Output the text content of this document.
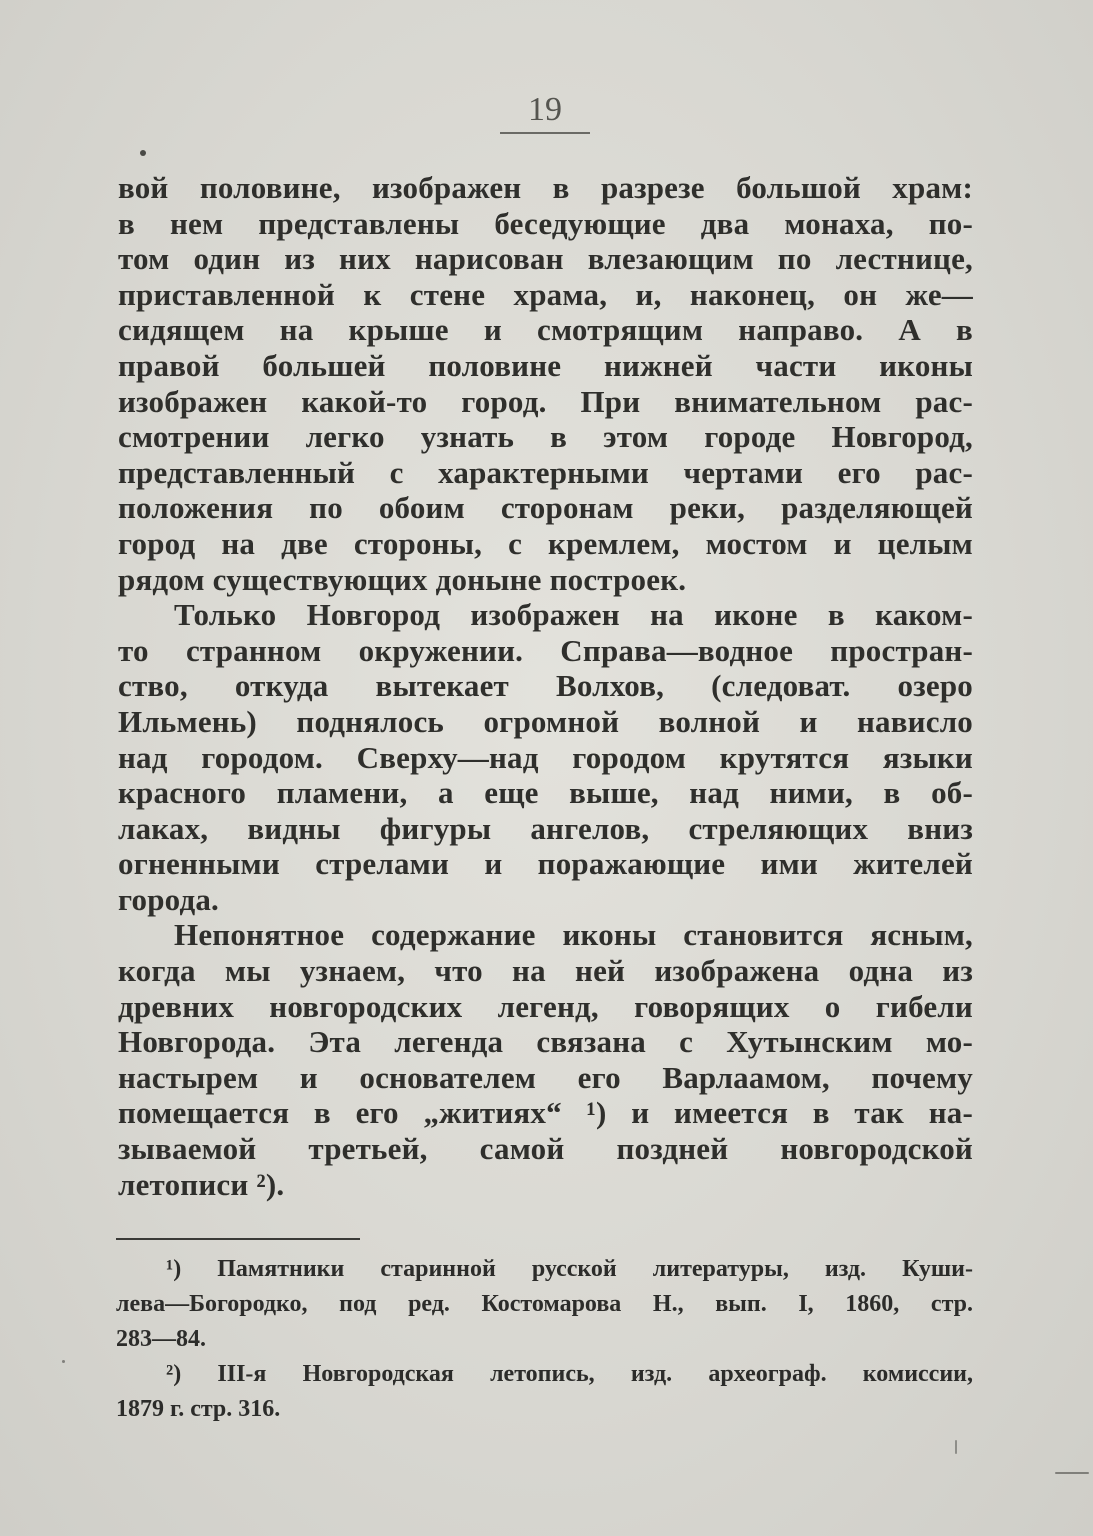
19
вой половине, изображен в разрезе большой храм:
в нем представлены беседующие два монаха, по-
том один из них нарисован влезающим по лестнице,
приставленной к стене храма, и, наконец, он же—
сидящем на крыше и смотрящим направо. А в
правой большей половине нижней части иконы
изображен какой-то город. При внимательном рас-
смотрении легко узнать в этом городе Новгород,
представленный с характерными чертами его рас-
положения по обоим сторонам реки, разделяющей
город на две стороны, с кремлем, мостом и целым
рядом существующих доныне построек.
Только Новгород изображен на иконе в каком-
то странном окружении. Справа—водное простран-
ство, откуда вытекает Волхов, (следоват. озеро
Ильмень) поднялось огромной волной и нависло
над городом. Сверху—над городом крутятся языки
красного пламени, а еще выше, над ними, в об-
лаках, видны фигуры ангелов, стреляющих вниз
огненными стрелами и поражающие ими жителей
города.
Непонятное содержание иконы становится ясным,
когда мы узнаем, что на ней изображена одна из
древних новгородских легенд, говорящих о гибели
Новгорода. Эта легенда связана с Хутынским мо-
настырем и основателем его Варлаамом, почему
помещается в его „житиях“ ¹) и имеется в так на-
зываемой третьей, самой поздней новгородской
летописи ²).
¹) Памятники старинной русской литературы, изд. Куши-
лева—Богородко, под ред. Костомарова Н., вып. I, 1860, стр.
283—84.
²) III-я Новгородская летопись, изд. археограф. комиссии,
1879 г. стр. 316.
